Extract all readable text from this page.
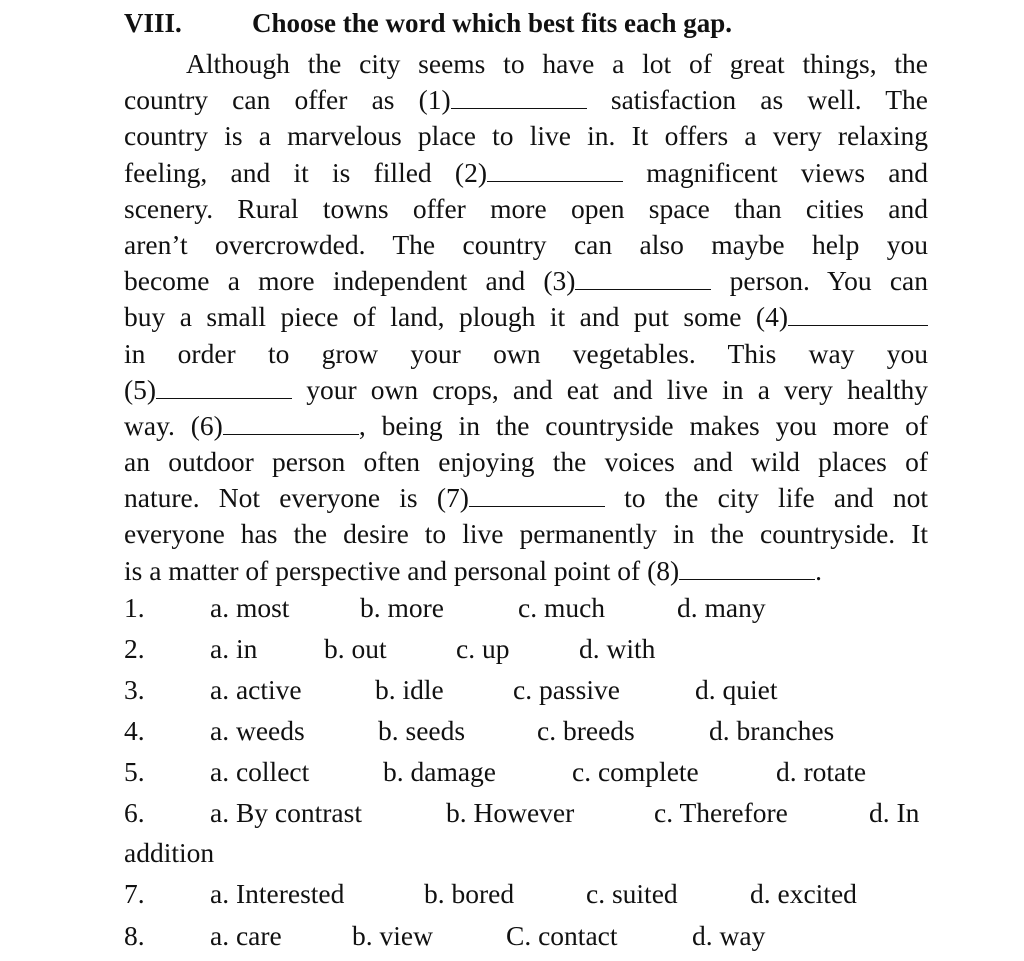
VIII.	Choose the word which best fits each gap.
Although the city seems to have a lot of great things, the
country can offer as (1)	satisfaction as well. The
country is a marvelous place to live in. It offers a very relaxing
feeling, and it is filled (2)	magnificent views and
scenery. Rural towns offer more open space than cities and
aren’t overcrowded. The country can also maybe help you
become a more independent and (3)	person. You can
buy a small piece of land, plough it and put some (4)
in order to grow your own vegetables. This way you
(5)	your own crops, and eat and live in a very healthy
way. (6)	, being in the countryside makes you more of
an outdoor person often enjoying the voices and wild places of
nature. Not everyone is (7)	to the city life and not
everyone has the desire to live permanently in the countryside. It
is a matter of perspective and personal point of (8)	.
1. a. most	b. more	c. much	d. many
2. a. in b. out	c. up	d. with
3. a. active	b. idle	c. passive	d. quiet
4. a. weeds	b. seeds	c. breeds	d. branches
5. a. collect	b. damage	c. complete	d. rotate
6. a. By contrast	b. However	c. Therefore	d. In
addition
7. a. Interested	b. bored	c. suited	d. excited
8. a. care	b. view	C. contact	d. way
